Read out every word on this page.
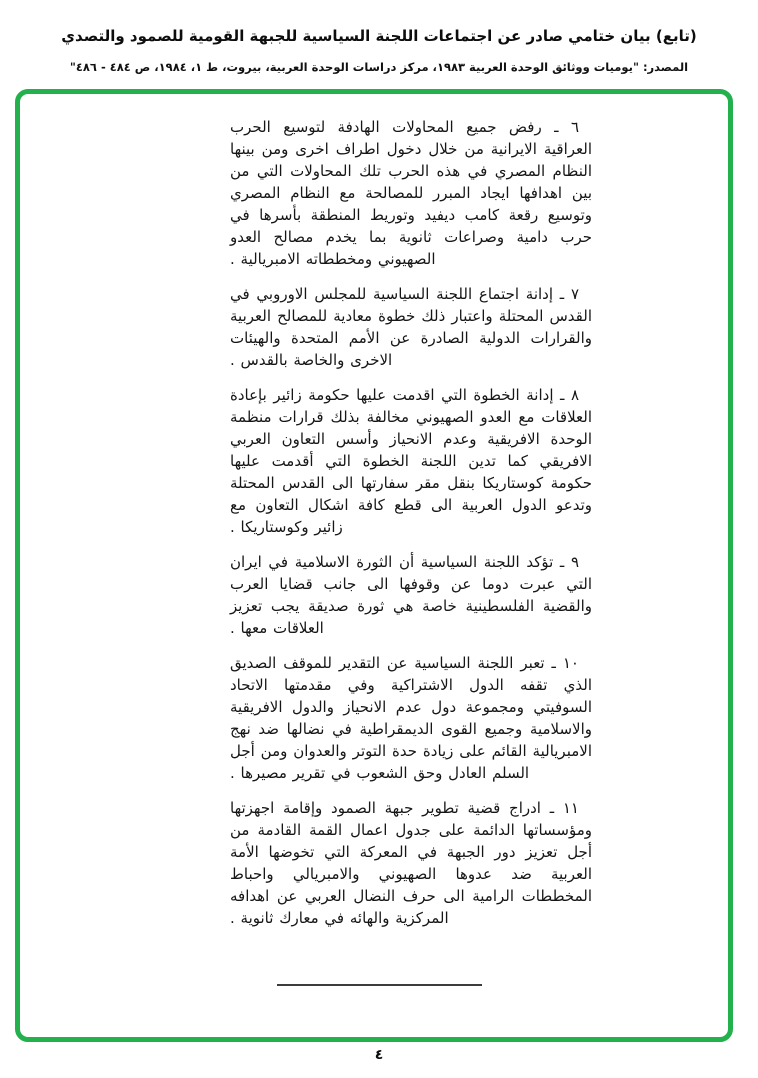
(تابع) بيان ختامي صادر عن اجتماعات اللجنة السياسية للجبهة القومية للصمود والتصدي
المصدر: "يوميات ووثائق الوحدة العربية ١٩٨٣، مركز دراسات الوحدة العربية، بيروت، ط ١، ١٩٨٤، ص ٤٨٤ - ٤٨٦"

٦ ـ رفض جميع المحاولات الهادفة لتوسيع الحرب العراقية الايرانية من خلال دخول اطراف اخرى ومن بينها النظام المصري في هذه الحرب تلك المحاولات التي من بين اهدافها ايجاد المبرر للمصالحة مع النظام المصري وتوسيع رقعة كامب ديفيد وتوريط المنطقة بأسرها في حرب دامية وصراعات ثانوية بما يخدم مصالح العدو الصهيوني ومخططاته الامبريالية .

٧ ـ إدانة اجتماع اللجنة السياسية للمجلس الاوروبي في القدس المحتلة واعتبار ذلك خطوة معادية للمصالح العربية والقرارات الدولية الصادرة عن الأمم المتحدة والهيئات الاخرى والخاصة بالقدس .

٨ ـ إدانة الخطوة التي اقدمت عليها حكومة زائير بإعادة العلاقات مع العدو الصهيوني مخالفة بذلك قرارات منظمة الوحدة الافريقية وعدم الانحياز وأسس التعاون العربي الافريقي كما تدين اللجنة الخطوة التي أقدمت عليها حكومة كوستاريكا بنقل مقر سفارتها الى القدس المحتلة وتدعو الدول العربية الى قطع كافة اشكال التعاون مع زائير وكوستاريكا .

٩ ـ تؤكد اللجنة السياسية أن الثورة الاسلامية في ايران التي عبرت دوما عن وقوفها الى جانب قضايا العرب والقضية الفلسطينية خاصة هي ثورة صديقة يجب تعزيز العلاقات معها .

١٠ ـ تعبر اللجنة السياسية عن التقدير للموقف الصديق الذي تقفه الدول الاشتراكية وفي مقدمتها الاتحاد السوفيتي ومجموعة دول عدم الانحياز والدول الافريقية والاسلامية وجميع القوى الديمقراطية في نضالها ضد نهج الامبريالية القائم على زيادة حدة التوتر والعدوان ومن أجل السلم العادل وحق الشعوب في تقرير مصيرها .

١١ ـ ادراج قضية تطوير جبهة الصمود وإقامة اجهزتها ومؤسساتها الدائمة على جدول اعمال القمة القادمة من أجل تعزيز دور الجبهة في المعركة التي تخوضها الأمة العربية ضد عدوها الصهيوني والامبريالي واحباط المخططات الرامية الى حرف النضال العربي عن اهدافه المركزية والهائه في معارك ثانوية .

٤
